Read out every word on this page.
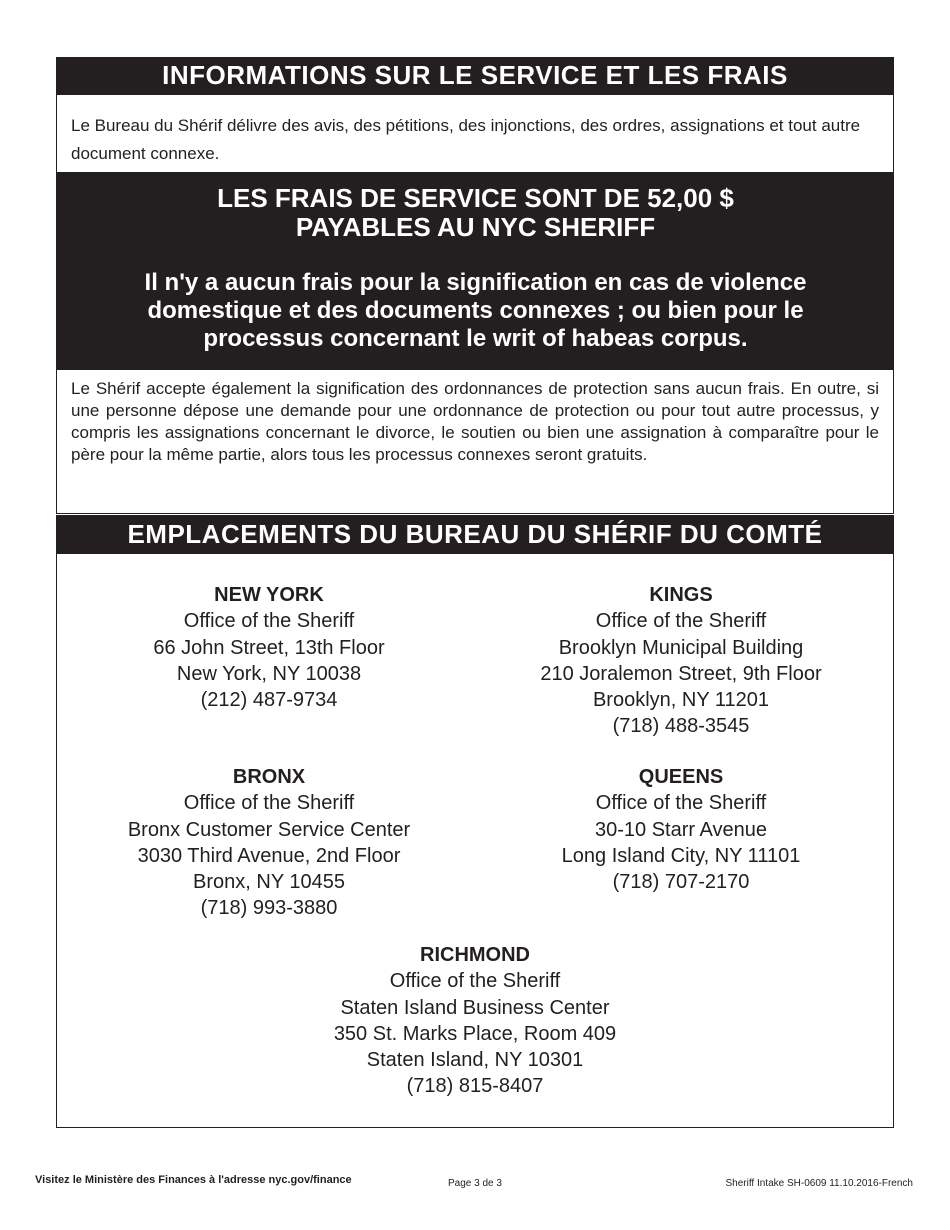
INFORMATIONS SUR LE SERVICE ET LES FRAIS
Le Bureau du Shérif délivre des avis, des pétitions, des injonctions, des ordres, assignations et tout autre document connexe.
LES FRAIS DE SERVICE SONT DE 52,00 $
PAYABLES AU NYC SHERIFF
Il n'y a aucun frais pour la signification en cas de violence domestique et des documents connexes ; ou bien pour le processus concernant le writ of habeas corpus.
Le Shérif accepte également la signification des ordonnances de protection sans aucun frais. En outre, si une personne dépose une demande pour une ordonnance de protection ou pour tout autre processus, y compris les assignations concernant le divorce, le soutien ou bien une assignation à comparaître pour le père pour la même partie, alors tous les processus connexes seront gratuits.
EMPLACEMENTS DU BUREAU DU SHÉRIF DU COMTÉ
NEW YORK
Office of the Sheriff
66 John Street, 13th Floor
New York, NY 10038
(212) 487-9734
KINGS
Office of the Sheriff
Brooklyn Municipal Building
210 Joralemon Street, 9th Floor
Brooklyn, NY 11201
(718) 488-3545
BRONX
Office of the Sheriff
Bronx Customer Service Center
3030 Third Avenue, 2nd Floor
Bronx, NY 10455
(718) 993-3880
QUEENS
Office of the Sheriff
30-10 Starr Avenue
Long Island City, NY 11101
(718) 707-2170
RICHMOND
Office of the Sheriff
Staten Island Business Center
350 St. Marks Place, Room 409
Staten Island, NY 10301
(718) 815-8407
Visitez le Ministère des Finances à l'adresse nyc.gov/finance	Page 3 de 3	Sheriff Intake SH-0609 11.10.2016-French
